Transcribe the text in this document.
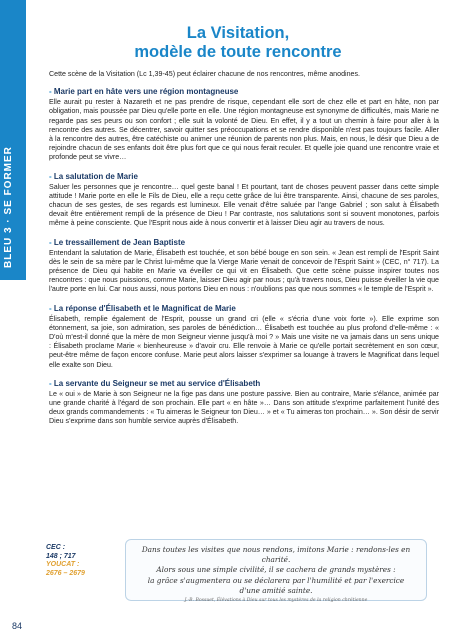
BLEU 3 · SE FORMER
La Visitation,
modèle de toute rencontre

Cette scène de la Visitation (Lc 1,39-45) peut éclairer chacune de nos rencontres, même anodines.

- Marie part en hâte vers une région montagneuse

Elle aurait pu rester à Nazareth et ne pas prendre de risque, cependant elle sort de chez elle et part en hâte, non par obligation, mais poussée par Dieu qu'elle porte en elle. Une région montagneuse est synonyme de difficultés, mais Marie ne regarde pas ses peurs ou son confort ; elle suit la volonté de Dieu. En effet, il y a tout un chemin à faire pour aller à la rencontre des autres. Se décentrer, savoir quitter ses préoccupations et se rendre disponible n'est pas toujours facile. Aller à la rencontre des autres, être catéchiste ou animer une réunion de parents non plus. Mais, en nous, le désir que Dieu a de rejoindre chacun de ses enfants doit être plus fort que ce qui nous ferait reculer. Et quelle joie quand une rencontre vraie et profonde peut se vivre…

- La salutation de Marie

Saluer les personnes que je rencontre… quel geste banal ! Et pourtant, tant de choses peuvent passer dans cette simple attitude ! Marie porte en elle le Fils de Dieu, elle a reçu cette grâce de lui être transparente. Ainsi, chacune de ses paroles, chacun de ses gestes, de ses regards est lumineux. Elle venait d'être saluée par l'ange Gabriel ; son salut à Élisabeth devait être entièrement rempli de la présence de Dieu ! Par contraste, nos salutations sont si souvent monotones, parfois même à peine consciente. Que l'Esprit nous aide à nous convertir et à laisser Dieu agir au travers de nous.

- Le tressaillement de Jean Baptiste

Entendant la salutation de Marie, Élisabeth est touchée, et son bébé bouge en son sein. « Jean est rempli de l'Esprit Saint dès le sein de sa mère par le Christ lui-même que la Vierge Marie venait de concevoir de l'Esprit Saint » (CEC, n° 717). La présence de Dieu qui habite en Marie va éveiller ce qui vit en Élisabeth. Que cette scène puisse inspirer toutes nos rencontres : que nous puissions, comme Marie, laisser Dieu agir par nous ; qu'à travers nous, Dieu puisse éveiller la vie que l'autre porte en lui. Car nous aussi, nous portons Dieu en nous : n'oublions pas que nous sommes « le temple de l'Esprit ».

- La réponse d'Élisabeth et le Magnificat de Marie

Élisabeth, remplie également de l'Esprit, pousse un grand cri (elle « s'écria d'une voix forte »). Elle exprime son étonnement, sa joie, son admiration, ses paroles de bénédiction… Élisabeth est touchée au plus profond d'elle-même : « D'où m'est-il donné que la mère de mon Seigneur vienne jusqu'à moi ? » Mais une visite ne va jamais dans un sens unique : Élisabeth proclame Marie « bienheureuse » d'avoir cru. Elle renvoie à Marie ce qu'elle portait secrètement en son cœur, peut-être même de façon encore confuse. Marie peut alors laisser s'exprimer sa louange à travers le Magnificat dans lequel elle exalte son Dieu.

- La servante du Seigneur se met au service d'Élisabeth

Le « oui » de Marie à son Seigneur ne la fige pas dans une posture passive. Bien au contraire, Marie s'élance, animée par une grande charité à l'égard de son prochain. Elle part « en hâte »… Dans son attitude s'exprime parfaitement l'unité des deux grands commandements : « Tu aimeras le Seigneur ton Dieu… » et « Tu aimeras ton prochain… ». Son désir de servir Dieu s'exprime dans son humble service auprès d'Élisabeth.

CEC :
148 ; 717
YOUCAT :
2676 – 2679
Dans toutes les visites que nous rendons, imitons Marie : rendons-les en charité.
Alors sous une simple civilité, il se cachera de grands mystères :
la grâce s'augmentera ou se déclarera par l'humilité et par l'exercice
d'une amitié sainte.
J.-B. Bossuet, Élévations à Dieu sur tous les mystères de la religion chrétienne
84
